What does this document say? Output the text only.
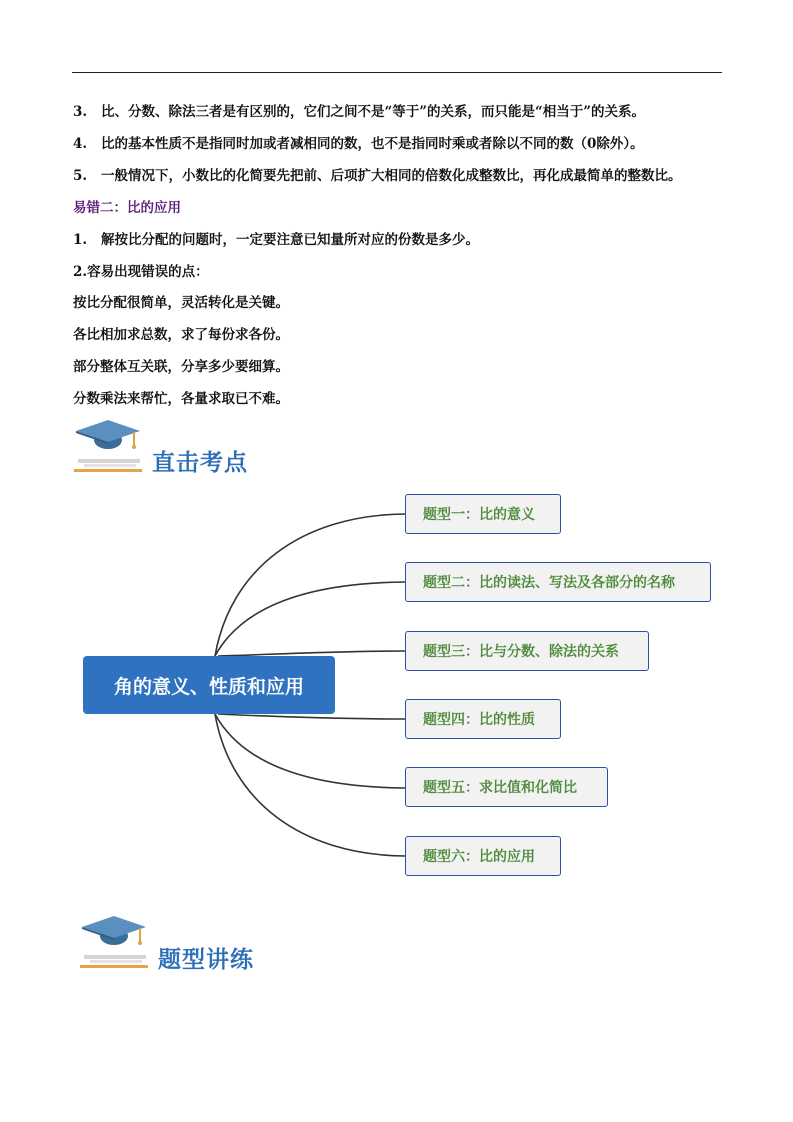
3. 比、分数、除法三者是有区别的，它们之间不是“等于”的关系，而只能是“相当于”的关系。
4. 比的基本性质不是指同时加或者减相同的数，也不是指同时乘或者除以不同的数（0除外）。
5. 一般情况下，小数比的化简要先把前、后项扩大相同的倍数化成整数比，再化成最简单的整数比。
易错二：比的应用
1. 解按比分配的问题时，一定要注意已知量所对应的份数是多少。
2.容易出现错误的点：
按比分配很简单，灵活转化是关键。
各比相加求总数，求了每份求各份。
部分整体互关联，分享多少要细算。
分数乘法来帮忙，各量求取已不难。
直击考点
角的意义、性质和应用
题型一：比的意义
题型二：比的读法、写法及各部分的名称
题型三：比与分数、除法的关系
题型四：比的性质
题型五：求比值和化简比
题型六：比的应用
题型讲练
